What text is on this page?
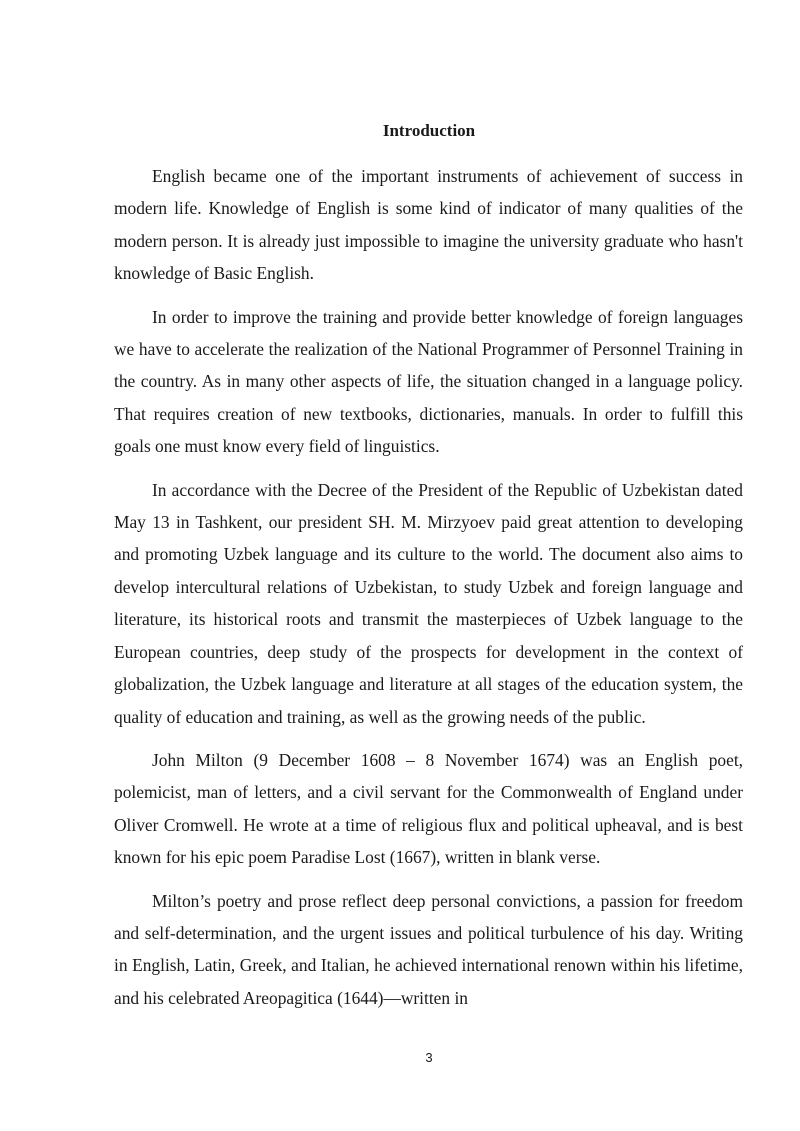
Introduction

English became one of the important instruments of achievement of success in modern life. Knowledge of English is some kind of indicator of many qualities of the modern person. It is already just impossible to imagine the university graduate who hasn't knowledge of Basic English.

In order to improve the training and provide better knowledge of foreign languages we have to accelerate the realization of the National Programmer of Personnel Training in the country. As in many other aspects of life, the situation changed in a language policy. That requires creation of new textbooks, dictionaries, manuals. In order to fulfill this goals one must know every field of linguistics.

In accordance with the Decree of the President of the Republic of Uzbekistan dated May 13 in Tashkent, our president SH. M. Mirzyoev paid great attention to developing and promoting Uzbek language and its culture to the world. The document also aims to develop intercultural relations of Uzbekistan, to study Uzbek and foreign language and literature, its historical roots and transmit the masterpieces of Uzbek language to the European countries, deep study of the prospects for development in the context of globalization, the Uzbek language and literature at all stages of the education system, the quality of education and training, as well as the growing needs of the public.

John Milton (9 December 1608 – 8 November 1674) was an English poet, polemicist, man of letters, and a civil servant for the Commonwealth of England under Oliver Cromwell. He wrote at a time of religious flux and political upheaval, and is best known for his epic poem Paradise Lost (1667), written in blank verse.

Milton’s poetry and prose reflect deep personal convictions, a passion for freedom and self-determination, and the urgent issues and political turbulence of his day. Writing in English, Latin, Greek, and Italian, he achieved international renown within his lifetime, and his celebrated Areopagitica (1644)—written in

3
